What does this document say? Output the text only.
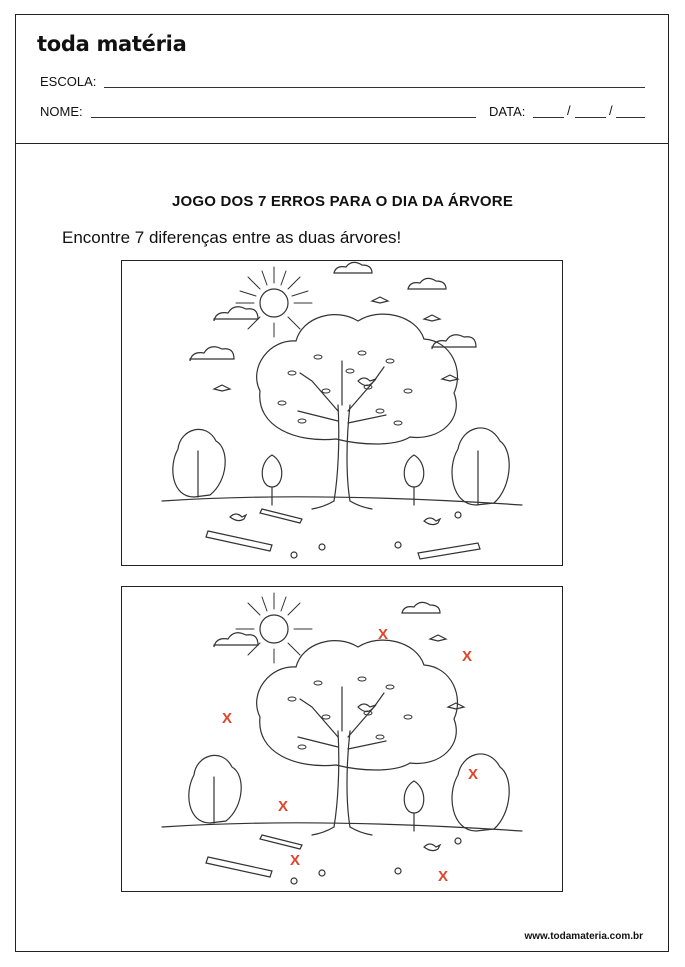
toda matéria
ESCOLA:
NOME:	DATA:	/	/
JOGO DOS 7 ERROS PARA O DIA DA ÁRVORE
Encontre 7 diferenças entre as duas árvores!
X
X
X
X
X
X
X
www.todamateria.com.br
